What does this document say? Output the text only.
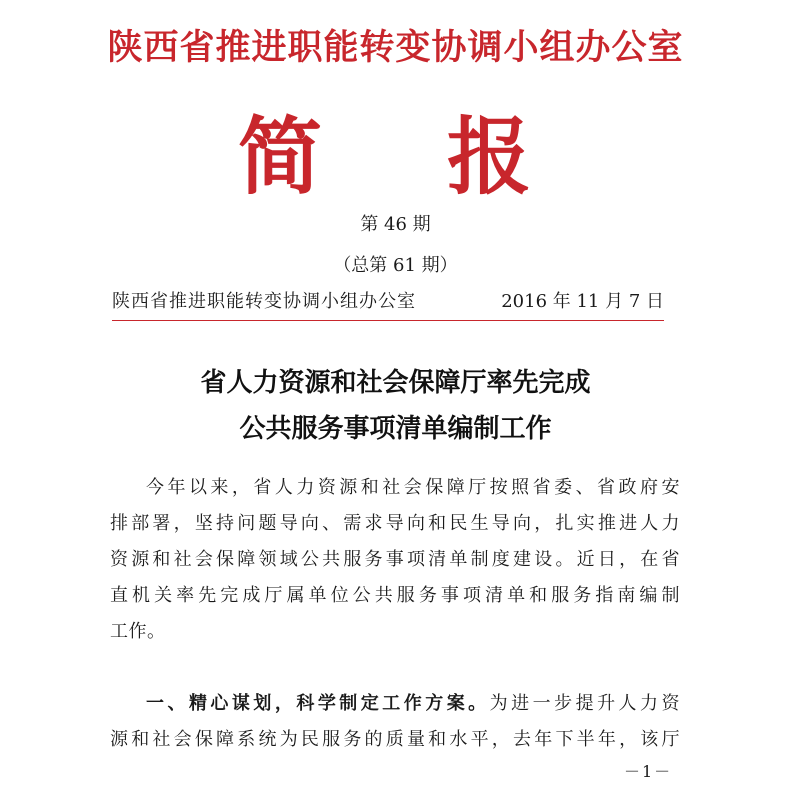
陕西省推进职能转变协调小组办公室
简 报
第 46 期
（总第 61 期）
陕西省推进职能转变协调小组办公室	2016 年 11 月 7 日
省人力资源和社会保障厅率先完成
公共服务事项清单编制工作
今年以来，省人力资源和社会保障厅按照省委、省政府安
排部署，坚持问题导向、需求导向和民生导向，扎实推进人力
资源和社会保障领域公共服务事项清单制度建设。近日，在省
直机关率先完成厅属单位公共服务事项清单和服务指南编制
工作。
一、精心谋划，科学制定工作方案。为进一步提升人力资
源和社会保障系统为民服务的质量和水平，去年下半年，该厅
－1－
